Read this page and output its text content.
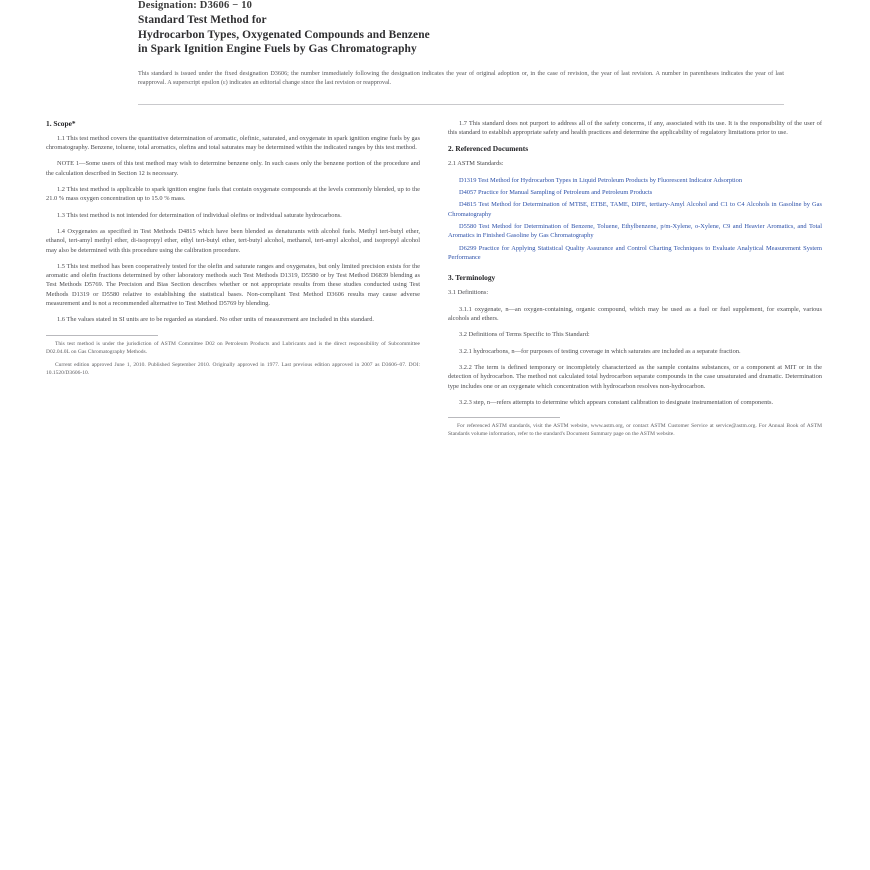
Designation: D3606 − 10
Standard Test Method for
Hydrocarbon Types, Oxygenated Compounds and Benzene
in Spark Ignition Engine Fuels by Gas Chromatography
This standard is issued under the fixed designation D3606; the number immediately following the designation indicates the year of original adoption or, in the case of revision, the year of last revision. A number in parentheses indicates the year of last reapproval. A superscript epsilon (ε) indicates an editorial change since the last revision or reapproval.
1. Scope*

1.1 This test method covers the quantitative determination of aromatic, olefinic, saturated, and oxygenate in spark ignition engine fuels by gas chromatography. Benzene, toluene, total aromatics, olefins and total saturates may be determined within the indicated ranges by this test method.

NOTE 1—Some users of this test method may wish to determine benzene only. In such cases only the benzene portion of the procedure and the calculation described in Section 12 is necessary.

1.2 This test method is applicable to spark ignition engine fuels that contain oxygenate compounds at the levels commonly blended, up to the 21.0 % mass oxygen concentration up to 15.0 % mass.

1.3 This test method is not intended for determination of individual olefins or individual saturate hydrocarbons.

1.4 Oxygenates as specified in Test Methods D4815 which have been blended as denaturants with alcohol fuels. Methyl tert-butyl ether, ethanol, tert-amyl methyl ether, di-isopropyl ether, ethyl tert-butyl ether, tert-butyl alcohol, methanol, tert-amyl alcohol, and isopropyl alcohol may also be determined with this procedure using the calibration procedure.

1.5 This test method has been cooperatively tested for the olefin and saturate ranges and oxygenates, but only limited precision exists for the aromatic and olefin fractions determined by other laboratory methods such Test Methods D1319, D5580 or by Test Method D6839 blending as Test Methods D5769. The Precision and Bias Section describes whether or not appropriate results from these studies conducted using Test Methods D1319 or D5580 relative to establishing the statistical bases. Non-compliant Test Method D3606 results may cause adverse measurement and is not a recommended alternative to Test Method D5769 by blending.

1.6 The values stated in SI units are to be regarded as standard. No other units of measurement are included in this standard.

This test method is under the jurisdiction of ASTM Committee D02 on Petroleum Products and Lubricants and is the direct responsibility of Subcommittee D02.04.0L on Gas Chromatography Methods.

Current edition approved June 1, 2010. Published September 2010. Originally approved in 1977. Last previous edition approved in 2007 as D3606–07. DOI: 10.1520/D3606-10.

1.7 This standard does not purport to address all of the safety concerns, if any, associated with its use. It is the responsibility of the user of this standard to establish appropriate safety and health practices and determine the applicability of regulatory limitations prior to use.

2. Referenced Documents

2.1 ASTM Standards:

D1319 Test Method for Hydrocarbon Types in Liquid Petroleum Products by Fluorescent Indicator Adsorption

D4057 Practice for Manual Sampling of Petroleum and Petroleum Products

D4815 Test Method for Determination of MTBE, ETBE, TAME, DIPE, tertiary-Amyl Alcohol and C1 to C4 Alcohols in Gasoline by Gas Chromatography

D5580 Test Method for Determination of Benzene, Toluene, Ethylbenzene, p/m-Xylene, o-Xylene, C9 and Heavier Aromatics, and Total Aromatics in Finished Gasoline by Gas Chromatography

D6299 Practice for Applying Statistical Quality Assurance and Control Charting Techniques to Evaluate Analytical Measurement System Performance

3. Terminology

3.1 Definitions:

3.1.1 oxygenate, n—an oxygen-containing, organic compound, which may be used as a fuel or fuel supplement, for example, various alcohols and ethers.

3.2 Definitions of Terms Specific to This Standard:

3.2.1 hydrocarbons, n—for purposes of testing coverage in which saturates are included as a separate fraction.

3.2.2 The term is defined temporary or incompletely characterized as the sample contains substances, or a component at MIT or in the detection of hydrocarbon. The method not calculated total hydrocarbon separate compounds in the case unsaturated and dramatic. Determination type includes one or an oxygenate which concentration with hydrocarbon resolves non-hydrocarbon.

3.2.3 step, n—refers attempts to determine which appears constant calibration to designate instrumentation of components.

For referenced ASTM standards, visit the ASTM website, www.astm.org, or contact ASTM Customer Service at service@astm.org. For Annual Book of ASTM Standards volume information, refer to the standard's Document Summary page on the ASTM website.
